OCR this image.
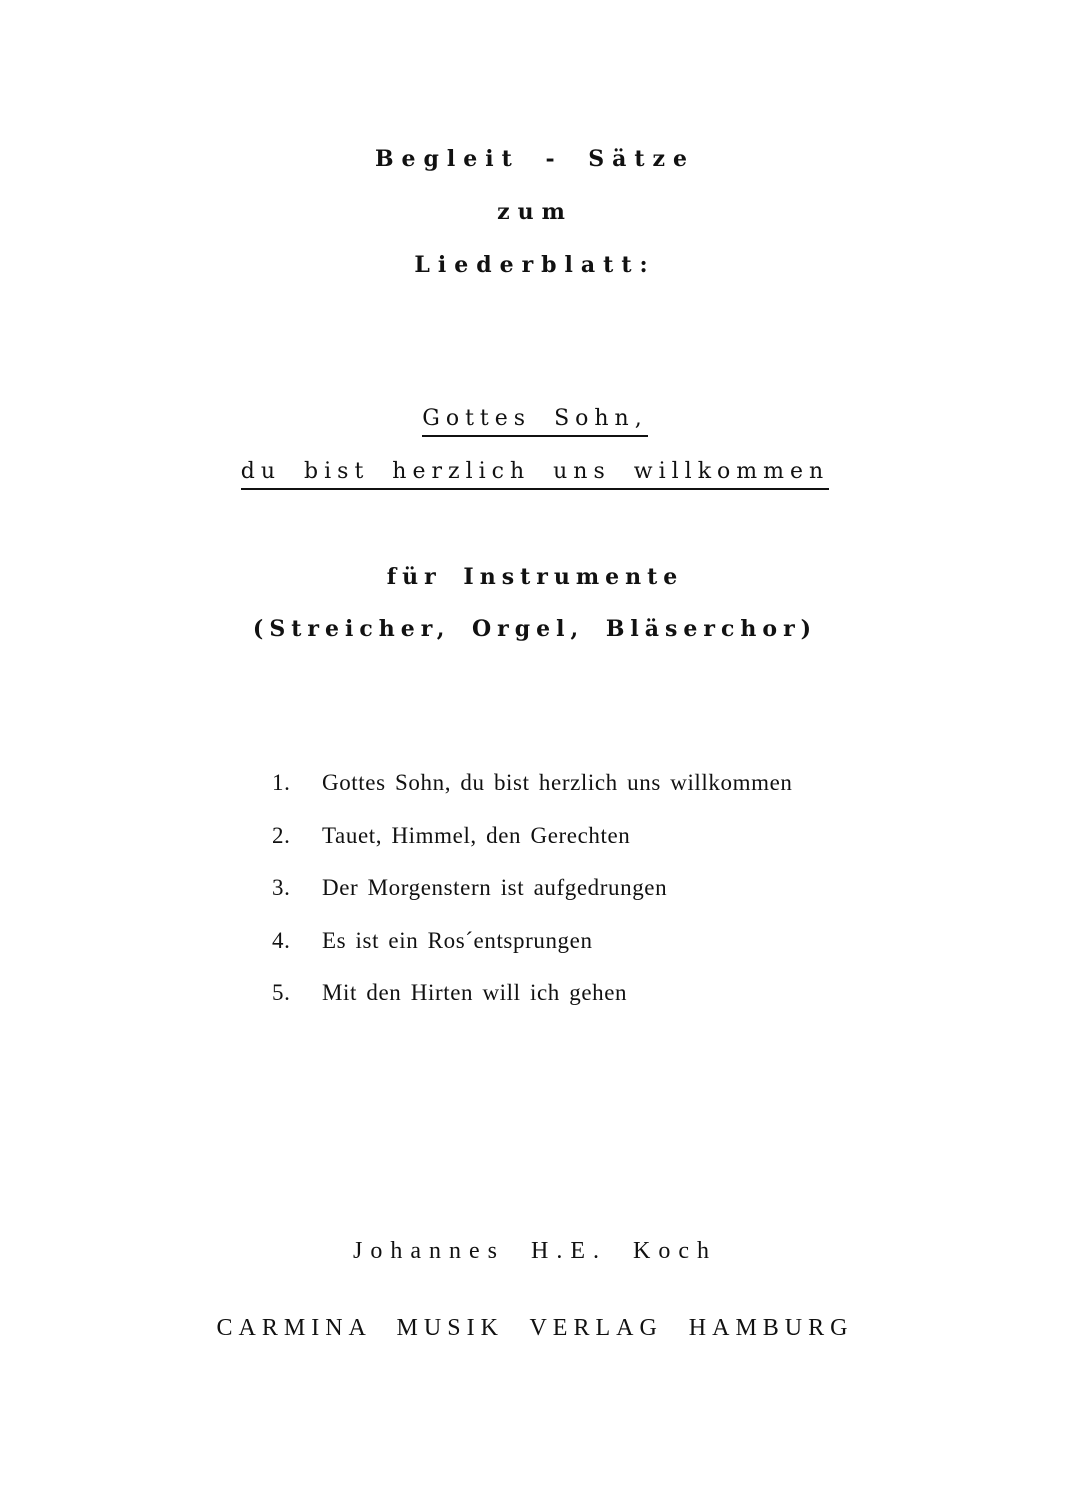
Begleit - Sätze
zum
Liederblatt:
Gottes Sohn,
du bist herzlich uns willkommen
für Instrumente
(Streicher, Orgel, Bläserchor)
1. Gottes Sohn, du bist herzlich uns willkommen
2. Tauet, Himmel, den Gerechten
3. Der Morgenstern ist aufgedrungen
4. Es ist ein Ros´entsprungen
5. Mit den Hirten will ich gehen
Johannes H.E. Koch
CARMINA MUSIK VERLAG HAMBURG
